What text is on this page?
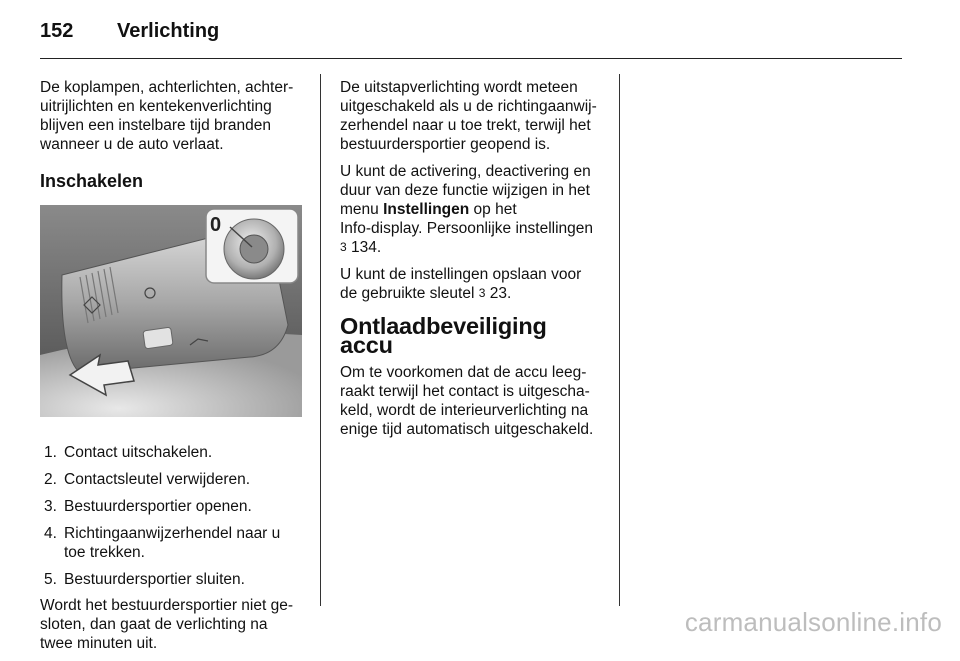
152 Verlichting

De koplampen, achterlichten, achter-
uitrijlichten en kentekenverlichting
blijven een instelbare tijd branden
wanneer u de auto verlaat.

Inschakelen
0
1. Contact uitschakelen.
2. Contactsleutel verwijderen.
3. Bestuurdersportier openen.
4. Richtingaanwijzerhendel naar u toe trekken.
5. Bestuurdersportier sluiten.

Wordt het bestuurdersportier niet ge-
sloten, dan gaat de verlichting na
twee minuten uit.

De uitstapverlichting wordt meteen
uitgeschakeld als u de richtingaanwij-
zerhendel naar u toe trekt, terwijl het
bestuurdersportier geopend is.

U kunt de activering, deactivering en
duur van deze functie wijzigen in het
menu Instellingen op het
Info-display. Persoonlijke instellingen
3 134.

U kunt de instellingen opslaan voor
de gebruikte sleutel 3 23.

Ontlaadbeveiliging accu

Om te voorkomen dat de accu leeg-
raakt terwijl het contact is uitgescha-
keld, wordt de interieurverlichting na
enige tijd automatisch uitgeschakeld.

carmanualsonline.info
